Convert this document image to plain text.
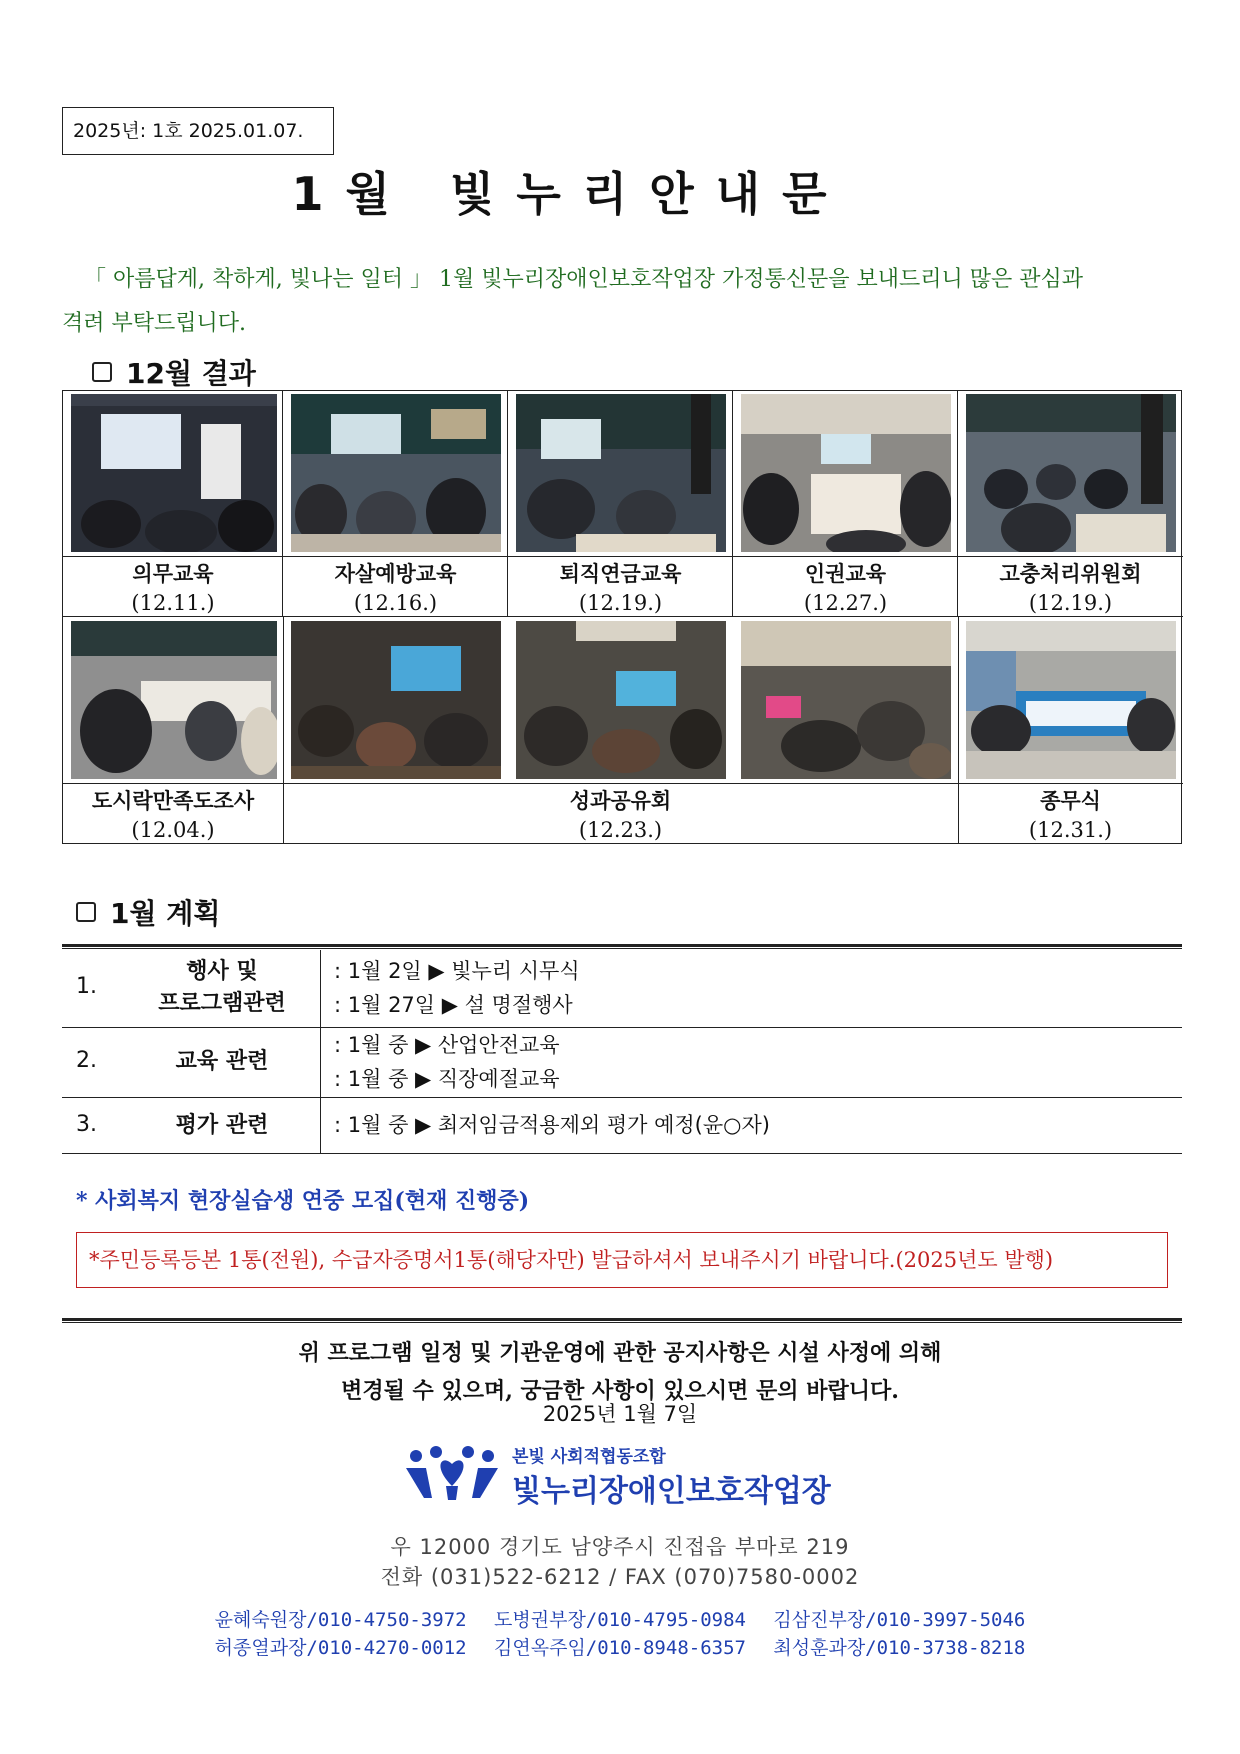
2025년: 1호 2025.01.07.
1월 빛누리안내문
「 아름답게, 착하게, 빛나는 일터 」 1월 빛누리장애인보호작업장 가정통신문을 보내드리니 많은 관심과
격려 부탁드립니다.
12월 결과
의무교육
(12.11.)
자살예방교육
(12.16.)
퇴직연금교육
(12.19.)
인권교육
(12.27.)
고충처리위원회
(12.19.)
도시락만족도조사
(12.04.)
성과공유회
(12.23.)
종무식
(12.31.)
1월 계획
1.
행사 및
프로그램관련
: 1월 2일 ▶ 빛누리 시무식
: 1월 27일 ▶ 설 명절행사
2.	교육 관련
: 1월 중 ▶ 산업안전교육
: 1월 중 ▶ 직장예절교육
3.	평가 관련	: 1월 중 ▶ 최저임금적용제외 평가 예정(윤○자)
* 사회복지 현장실습생 연중 모집(현재 진행중)
*주민등록등본 1통(전원), 수급자증명서1통(해당자만) 발급하셔서 보내주시기 바랍니다.(2025년도 발행)
위 프로그램 일정 및 기관운영에 관한 공지사항은 시설 사정에 의해
변경될 수 있으며, 궁금한 사항이 있으시면 문의 바랍니다.
2025년 1월 7일
본빛 사회적협동조합
빛누리장애인보호작업장
우 12000 경기도 남양주시 진접읍 부마로 219
전화 (031)522-6212 / FAX (070)7580-0002
윤혜숙원장/010-4750-3972 도병권부장/010-4795-0984 김삼진부장/010-3997-5046
허종열과장/010-4270-0012 김연옥주임/010-8948-6357 최성훈과장/010-3738-8218
